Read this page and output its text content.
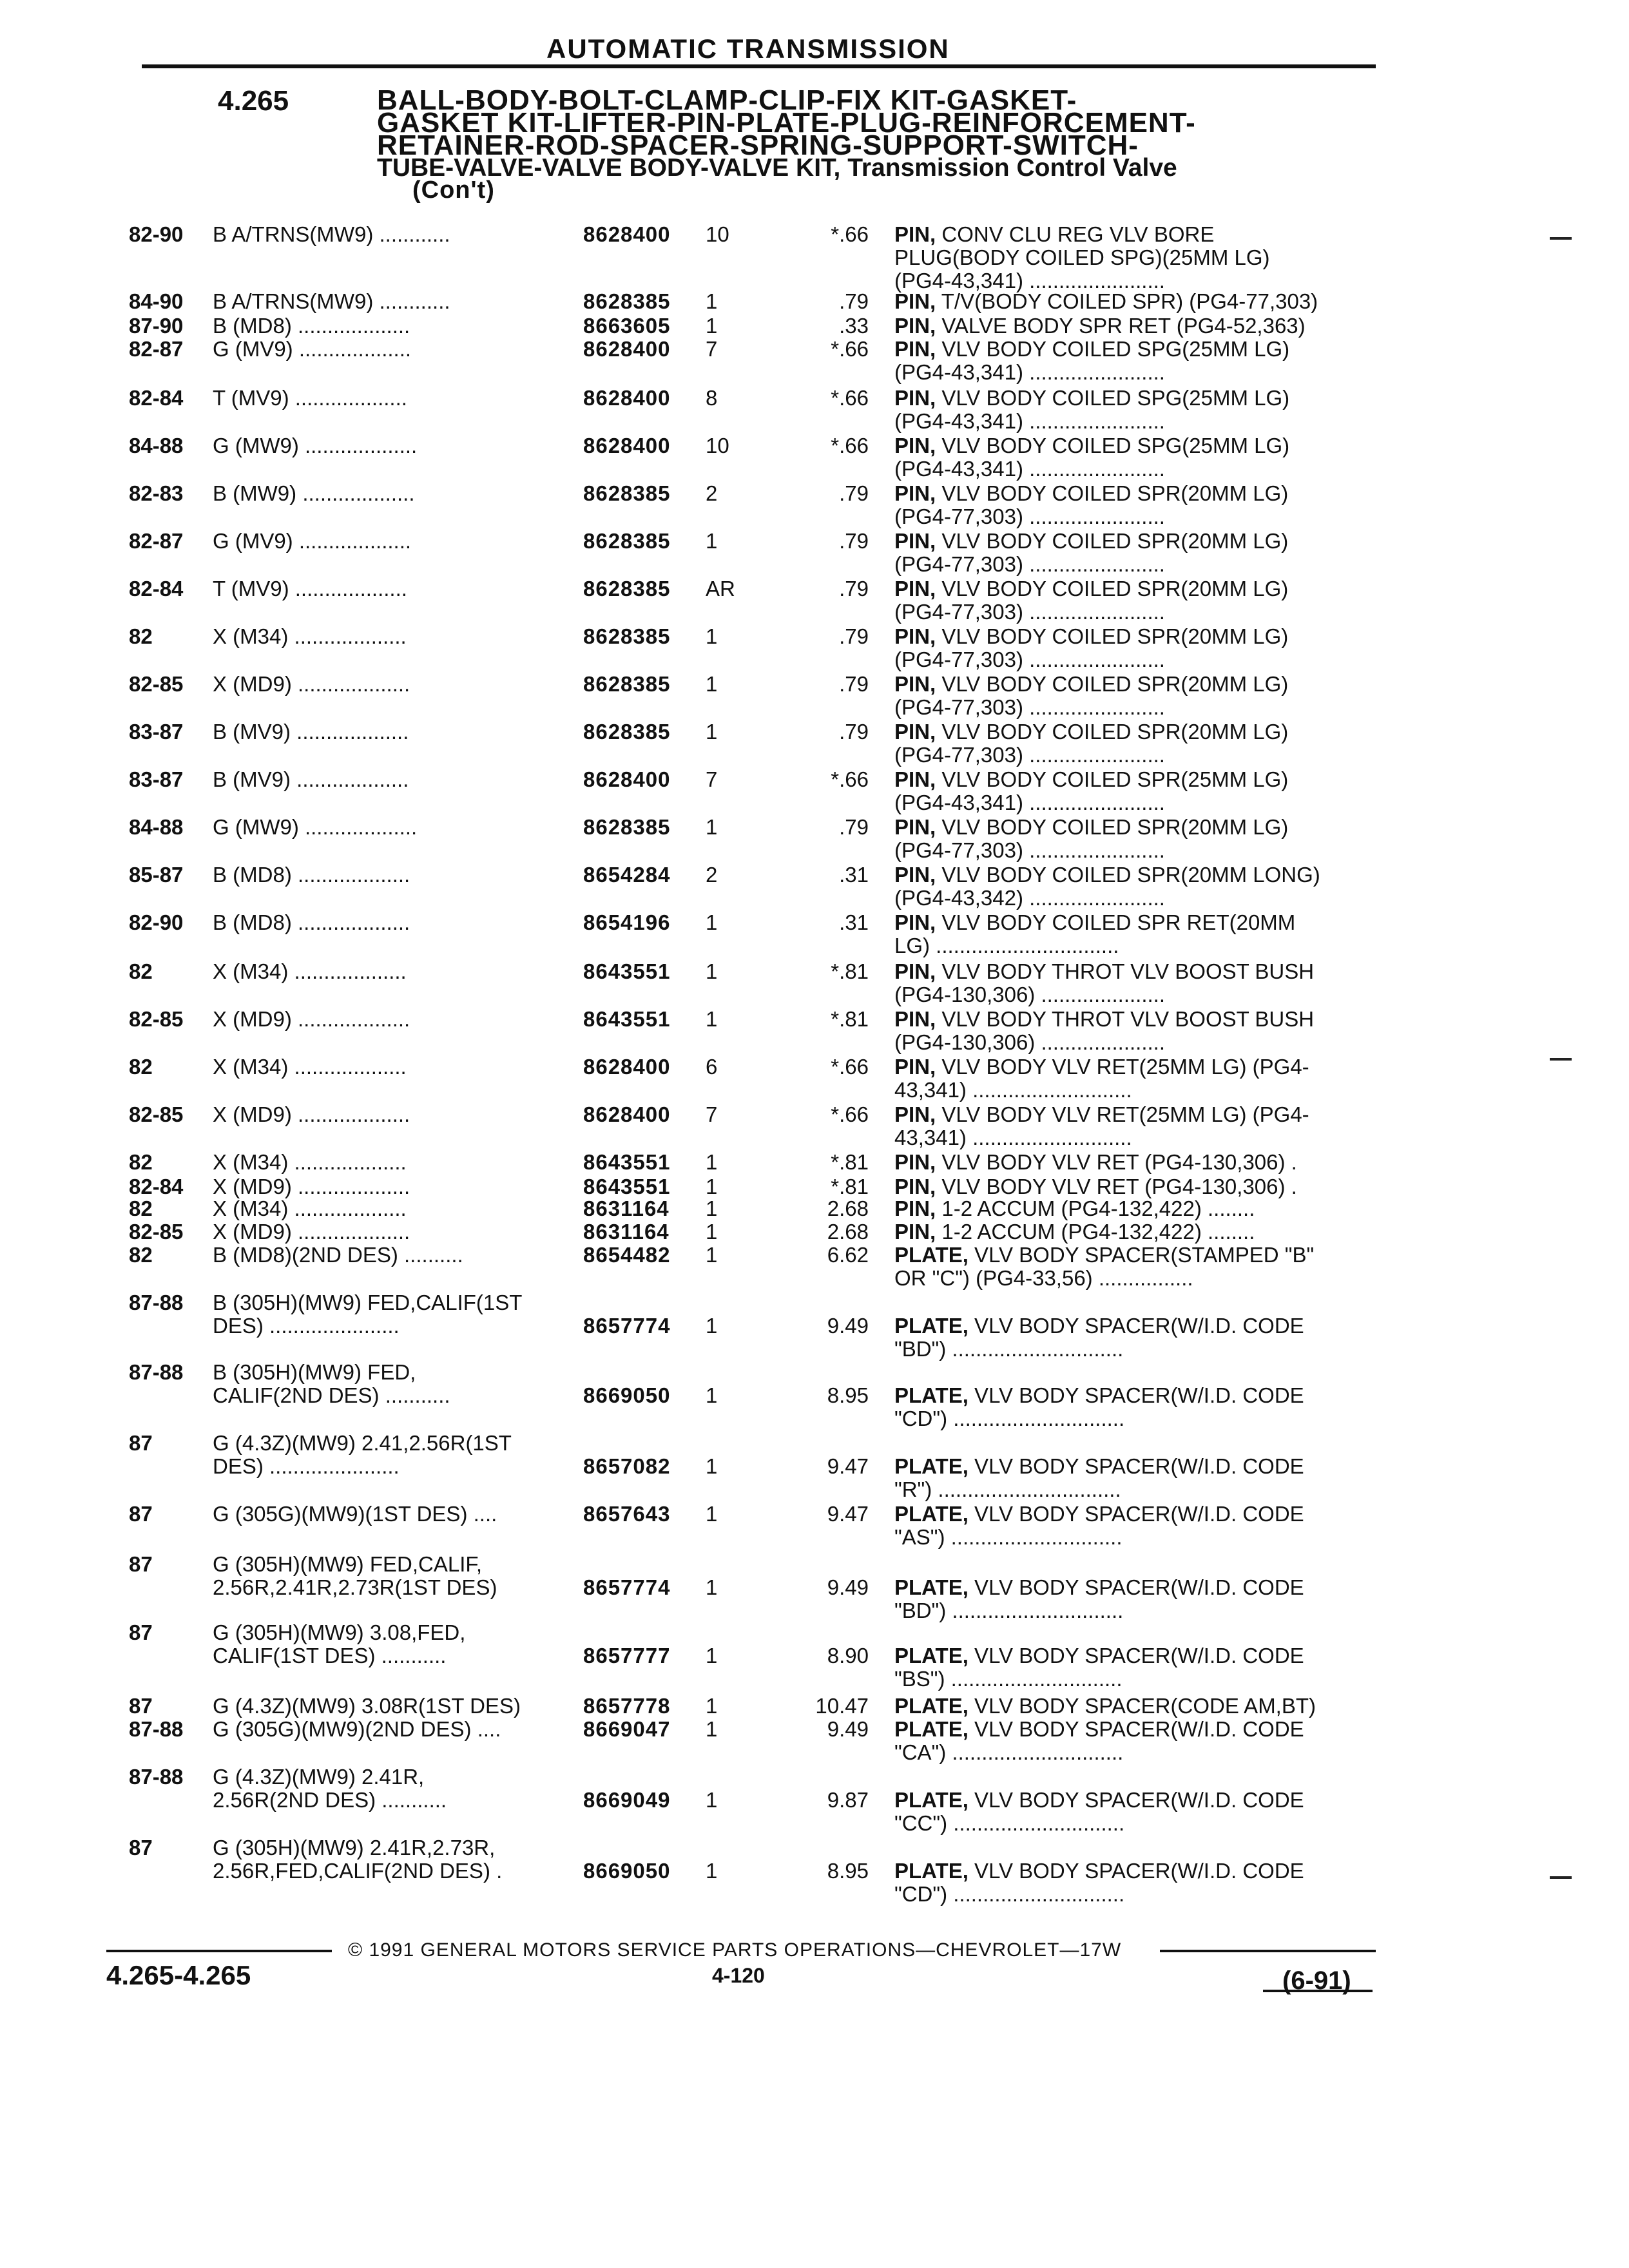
AUTOMATIC TRANSMISSION
4.265	BALL-BODY-BOLT-CLAMP-CLIP-FIX KIT-GASKET-
GASKET KIT-LIFTER-PIN-PLATE-PLUG-REINFORCEMENT-
RETAINER-ROD-SPACER-SPRING-SUPPORT-SWITCH-
TUBE-VALVE-VALVE BODY-VALVE KIT, Transmission Control Valve
(Con't)
82-90	B A/TRNS(MW9) ............	8628400 10	*.66 PIN, CONV CLU REG VLV BORE
PLUG(BODY COILED SPG)(25MM LG)
(PG4-43,341) .......................
84-90	B A/TRNS(MW9) ............	8628385 1	.79 PIN, T/V(BODY COILED SPR) (PG4-77,303)
87-90	B (MD8) ...................	8663605 1	.33 PIN, VALVE BODY SPR RET (PG4-52,363)
82-87	G (MV9) ...................	8628400 7	*.66 PIN, VLV BODY COILED SPG(25MM LG)
(PG4-43,341) .......................
82-84	T (MV9) ...................	8628400 8	*.66 PIN, VLV BODY COILED SPG(25MM LG)
(PG4-43,341) .......................
84-88	G (MW9) ...................	8628400 10	*.66 PIN, VLV BODY COILED SPG(25MM LG)
(PG4-43,341) .......................
82-83	B (MW9) ...................	8628385 2	.79 PIN, VLV BODY COILED SPR(20MM LG)
(PG4-77,303) .......................
82-87	G (MV9) ...................	8628385 1	.79 PIN, VLV BODY COILED SPR(20MM LG)
(PG4-77,303) .......................
82-84	T (MV9) ...................	8628385 AR	.79 PIN, VLV BODY COILED SPR(20MM LG)
(PG4-77,303) .......................
82	X (M34) ...................	8628385 1	.79 PIN, VLV BODY COILED SPR(20MM LG)
(PG4-77,303) .......................
82-85	X (MD9) ...................	8628385 1	.79 PIN, VLV BODY COILED SPR(20MM LG)
(PG4-77,303) .......................
83-87	B (MV9) ...................	8628385 1	.79 PIN, VLV BODY COILED SPR(20MM LG)
(PG4-77,303) .......................
83-87	B (MV9) ...................	8628400 7	*.66 PIN, VLV BODY COILED SPR(25MM LG)
(PG4-43,341) .......................
84-88	G (MW9) ...................	8628385 1	.79 PIN, VLV BODY COILED SPR(20MM LG)
(PG4-77,303) .......................
85-87	B (MD8) ...................	8654284 2	.31 PIN, VLV BODY COILED SPR(20MM LONG)
(PG4-43,342) .......................
82-90	B (MD8) ...................	8654196 1	.31 PIN, VLV BODY COILED SPR RET(20MM
LG) ...............................
82	X (M34) ...................	8643551 1	*.81 PIN, VLV BODY THROT VLV BOOST BUSH
(PG4-130,306) .....................
82-85	X (MD9) ...................	8643551 1	*.81 PIN, VLV BODY THROT VLV BOOST BUSH
(PG4-130,306) .....................
82	X (M34) ...................	8628400 6	*.66 PIN, VLV BODY VLV RET(25MM LG) (PG4-
43,341) ...........................
82-85	X (MD9) ...................	8628400 7	*.66 PIN, VLV BODY VLV RET(25MM LG) (PG4-
43,341) ...........................
82	X (M34) ...................	8643551 1	*.81 PIN, VLV BODY VLV RET (PG4-130,306) .
82-84	X (MD9) ...................	8643551 1	*.81 PIN, VLV BODY VLV RET (PG4-130,306) .
82	X (M34) ...................	8631164 1	2.68 PIN, 1-2 ACCUM (PG4-132,422) ........
82-85	X (MD9) ...................	8631164 1	2.68 PIN, 1-2 ACCUM (PG4-132,422) ........
82	B (MD8)(2ND DES) ..........	8654482 1	6.62 PLATE, VLV BODY SPACER(STAMPED "B"
OR "C") (PG4-33,56) ................
87-88	B (305H)(MW9) FED,CALIF(1ST
DES) ......................	8657774 1	9.49 PLATE, VLV BODY SPACER(W/I.D. CODE
"BD") .............................
87-88	B (305H)(MW9) FED,
CALIF(2ND DES) ...........	8669050 1	8.95 PLATE, VLV BODY SPACER(W/I.D. CODE
"CD") .............................
87	G (4.3Z)(MW9) 2.41,2.56R(1ST
DES) ......................	8657082 1	9.47 PLATE, VLV BODY SPACER(W/I.D. CODE
"R") ...............................
87	G (305G)(MW9)(1ST DES) ....	8657643 1	9.47 PLATE, VLV BODY SPACER(W/I.D. CODE
"AS") .............................
87	G (305H)(MW9) FED,CALIF,
2.56R,2.41R,2.73R(1ST DES)	8657774 1	9.49 PLATE, VLV BODY SPACER(W/I.D. CODE
"BD") .............................
87	G (305H)(MW9) 3.08,FED,
CALIF(1ST DES) ...........	8657777 1	8.90 PLATE, VLV BODY SPACER(W/I.D. CODE
"BS") .............................
87	G (4.3Z)(MW9) 3.08R(1ST DES)	8657778 1	10.47 PLATE, VLV BODY SPACER(CODE AM,BT)
87-88	G (305G)(MW9)(2ND DES) ....	8669047 1	9.49 PLATE, VLV BODY SPACER(W/I.D. CODE
"CA") .............................
87-88	G (4.3Z)(MW9) 2.41R,
2.56R(2ND DES) ...........	8669049 1	9.87 PLATE, VLV BODY SPACER(W/I.D. CODE
"CC") .............................
87	G (305H)(MW9) 2.41R,2.73R,
2.56R,FED,CALIF(2ND DES) .	8669050 1	8.95 PLATE, VLV BODY SPACER(W/I.D. CODE
"CD") .............................
© 1991 GENERAL MOTORS SERVICE PARTS OPERATIONS—CHEVROLET—17W
4.265-4.265	4-120	(6-91)
